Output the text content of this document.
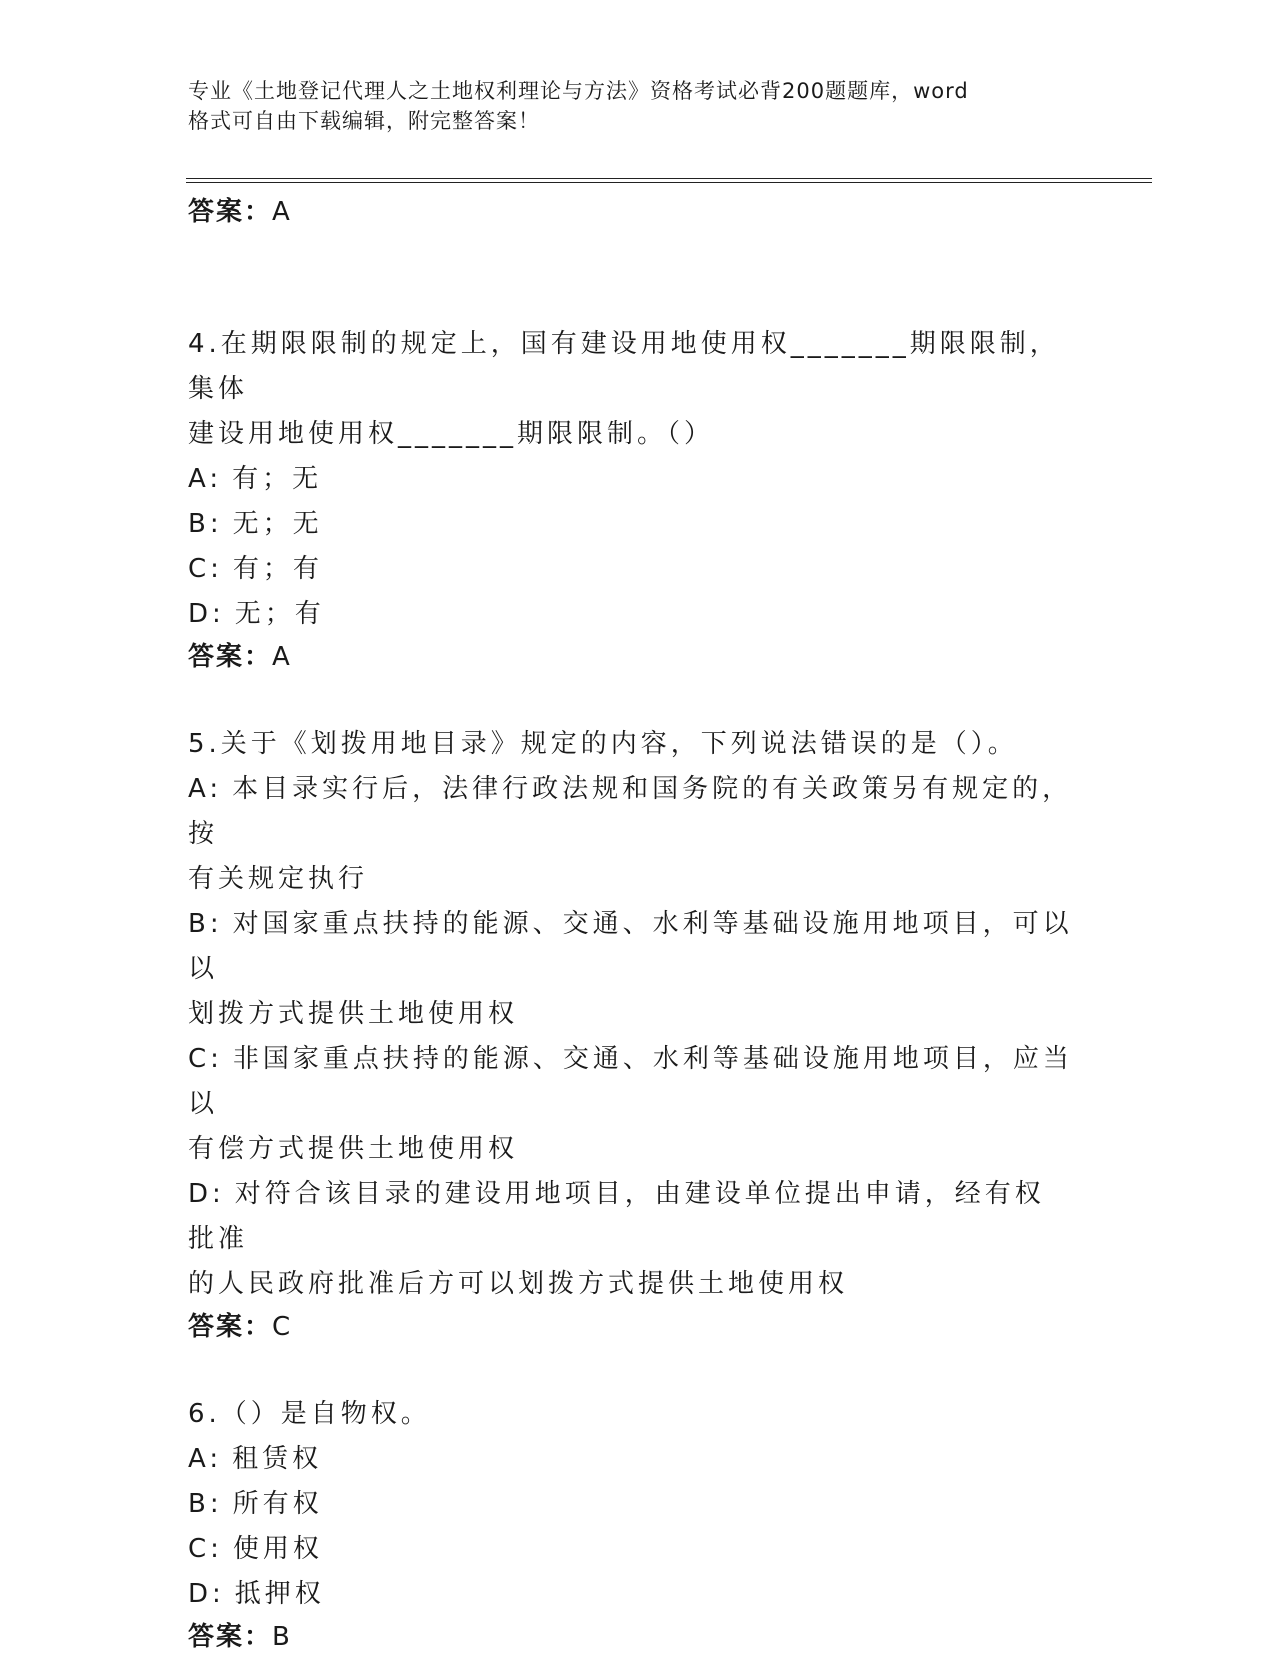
专业《土地登记代理人之土地权利理论与方法》资格考试必背200题题库，word
格式可自由下载编辑，附完整答案！
答案：A
4.在期限限制的规定上，国有建设用地使用权_______期限限制，集体
建设用地使用权_______期限限制。（）
A: 有；无
B: 无；无
C: 有；有
D: 无；有
答案：A
5.关于《划拨用地目录》规定的内容，下列说法错误的是（）。
A: 本目录实行后，法律行政法规和国务院的有关政策另有规定的，按
有关规定执行
B: 对国家重点扶持的能源、交通、水利等基础设施用地项目，可以以
划拨方式提供土地使用权
C: 非国家重点扶持的能源、交通、水利等基础设施用地项目，应当以
有偿方式提供土地使用权
D: 对符合该目录的建设用地项目，由建设单位提出申请，经有权批准
的人民政府批准后方可以划拨方式提供土地使用权
答案：C
6.（）是自物权。
A: 租赁权
B: 所有权
C: 使用权
D: 抵押权
答案：B
